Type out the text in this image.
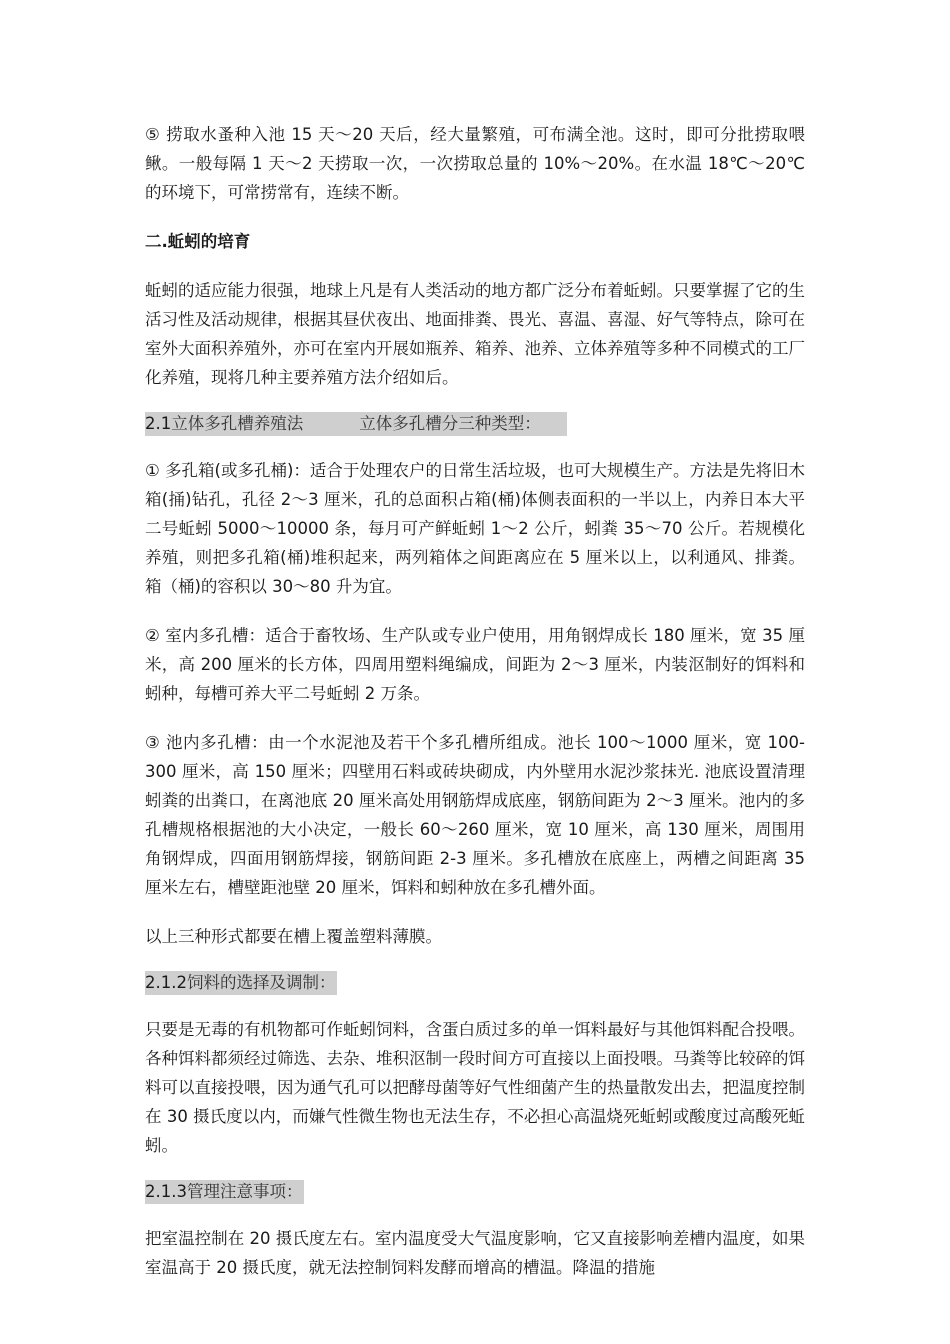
⑤ 捞取水蚤种入池 15 天～20 天后，经大量繁殖，可布满全池。这时，即可分批捞取喂鳅。一般每隔 1 天～2 天捞取一次，一次捞取总量的 10%～20%。在水温 18℃～20℃的环境下，可常捞常有，连续不断。

二.蚯蚓的培育

蚯蚓的适应能力很强，地球上凡是有人类活动的地方都广泛分布着蚯蚓。只要掌握了它的生活习性及活动规律，根据其昼伏夜出、地面排粪、畏光、喜温、喜湿、好气等特点，除可在室外大面积养殖外，亦可在室内开展如瓶养、箱养、池养、立体养殖等多种不同模式的工厂化养殖，现将几种主要养殖方法介绍如后。

2.1立体多孔槽养殖法	立体多孔槽分三种类型：

① 多孔箱(或多孔桶)：适合于处理农户的日常生活垃圾，也可大规模生产。方法是先将旧木箱(捅)钻孔，孔径 2～3 厘米，孔的总面积占箱(桶)体侧表面积的一半以上，内养日本大平二号蚯蚓 5000～10000 条，每月可产鲜蚯蚓 1～2 公斤，蚓粪 35～70 公斤。若规模化养殖，则把多孔箱(桶)堆积起来，两列箱体之间距离应在 5 厘米以上，以利通风、排粪。箱（桶)的容积以 30～80 升为宜。

② 室内多孔槽：适合于畜牧场、生产队或专业户使用，用角钢焊成长 180 厘米，宽 35 厘米，高 200 厘米的长方体，四周用塑料绳编成，间距为 2～3 厘米，内装沤制好的饵料和蚓种，每槽可养大平二号蚯蚓 2 万条。

③ 池内多孔槽：由一个水泥池及若干个多孔槽所组成。池长 100～1000 厘米，宽 100-300 厘米，高 150 厘米；四壁用石料或砖块砌成，内外壁用水泥沙浆抹光. 池底设置清理蚓粪的出粪口，在离池底 20 厘米高处用钢筋焊成底座，钢筋间距为 2～3 厘米。池内的多孔槽规格根据池的大小决定，一般长 60～260 厘米，宽 10 厘米，高 130 厘米，周围用角钢焊成，四面用钢筋焊接，钢筋间距 2-3 厘米。多孔槽放在底座上，两槽之间距离 35 厘米左右，槽壁距池壁 20 厘米，饵料和蚓种放在多孔槽外面。

以上三种形式都要在槽上覆盖塑料薄膜。

2.1.2饲料的选择及调制：

只要是无毒的有机物都可作蚯蚓饲料，含蛋白质过多的单一饵料最好与其他饵料配合投喂。各种饵料都须经过筛选、去杂、堆积沤制一段时间方可直接以上面投喂。马粪等比较碎的饵料可以直接投喂，因为通气孔可以把酵母菌等好气性细菌产生的热量散发出去，把温度控制在 30 摄氏度以内，而嫌气性微生物也无法生存，不必担心高温烧死蚯蚓或酸度过高酸死蚯蚓。

2.1.3管理注意事项：

把室温控制在 20 摄氏度左右。室内温度受大气温度影响，它又直接影响差槽内温度，如果室温高于 20 摄氏度，就无法控制饲料发酵而增高的槽温。降温的措施
